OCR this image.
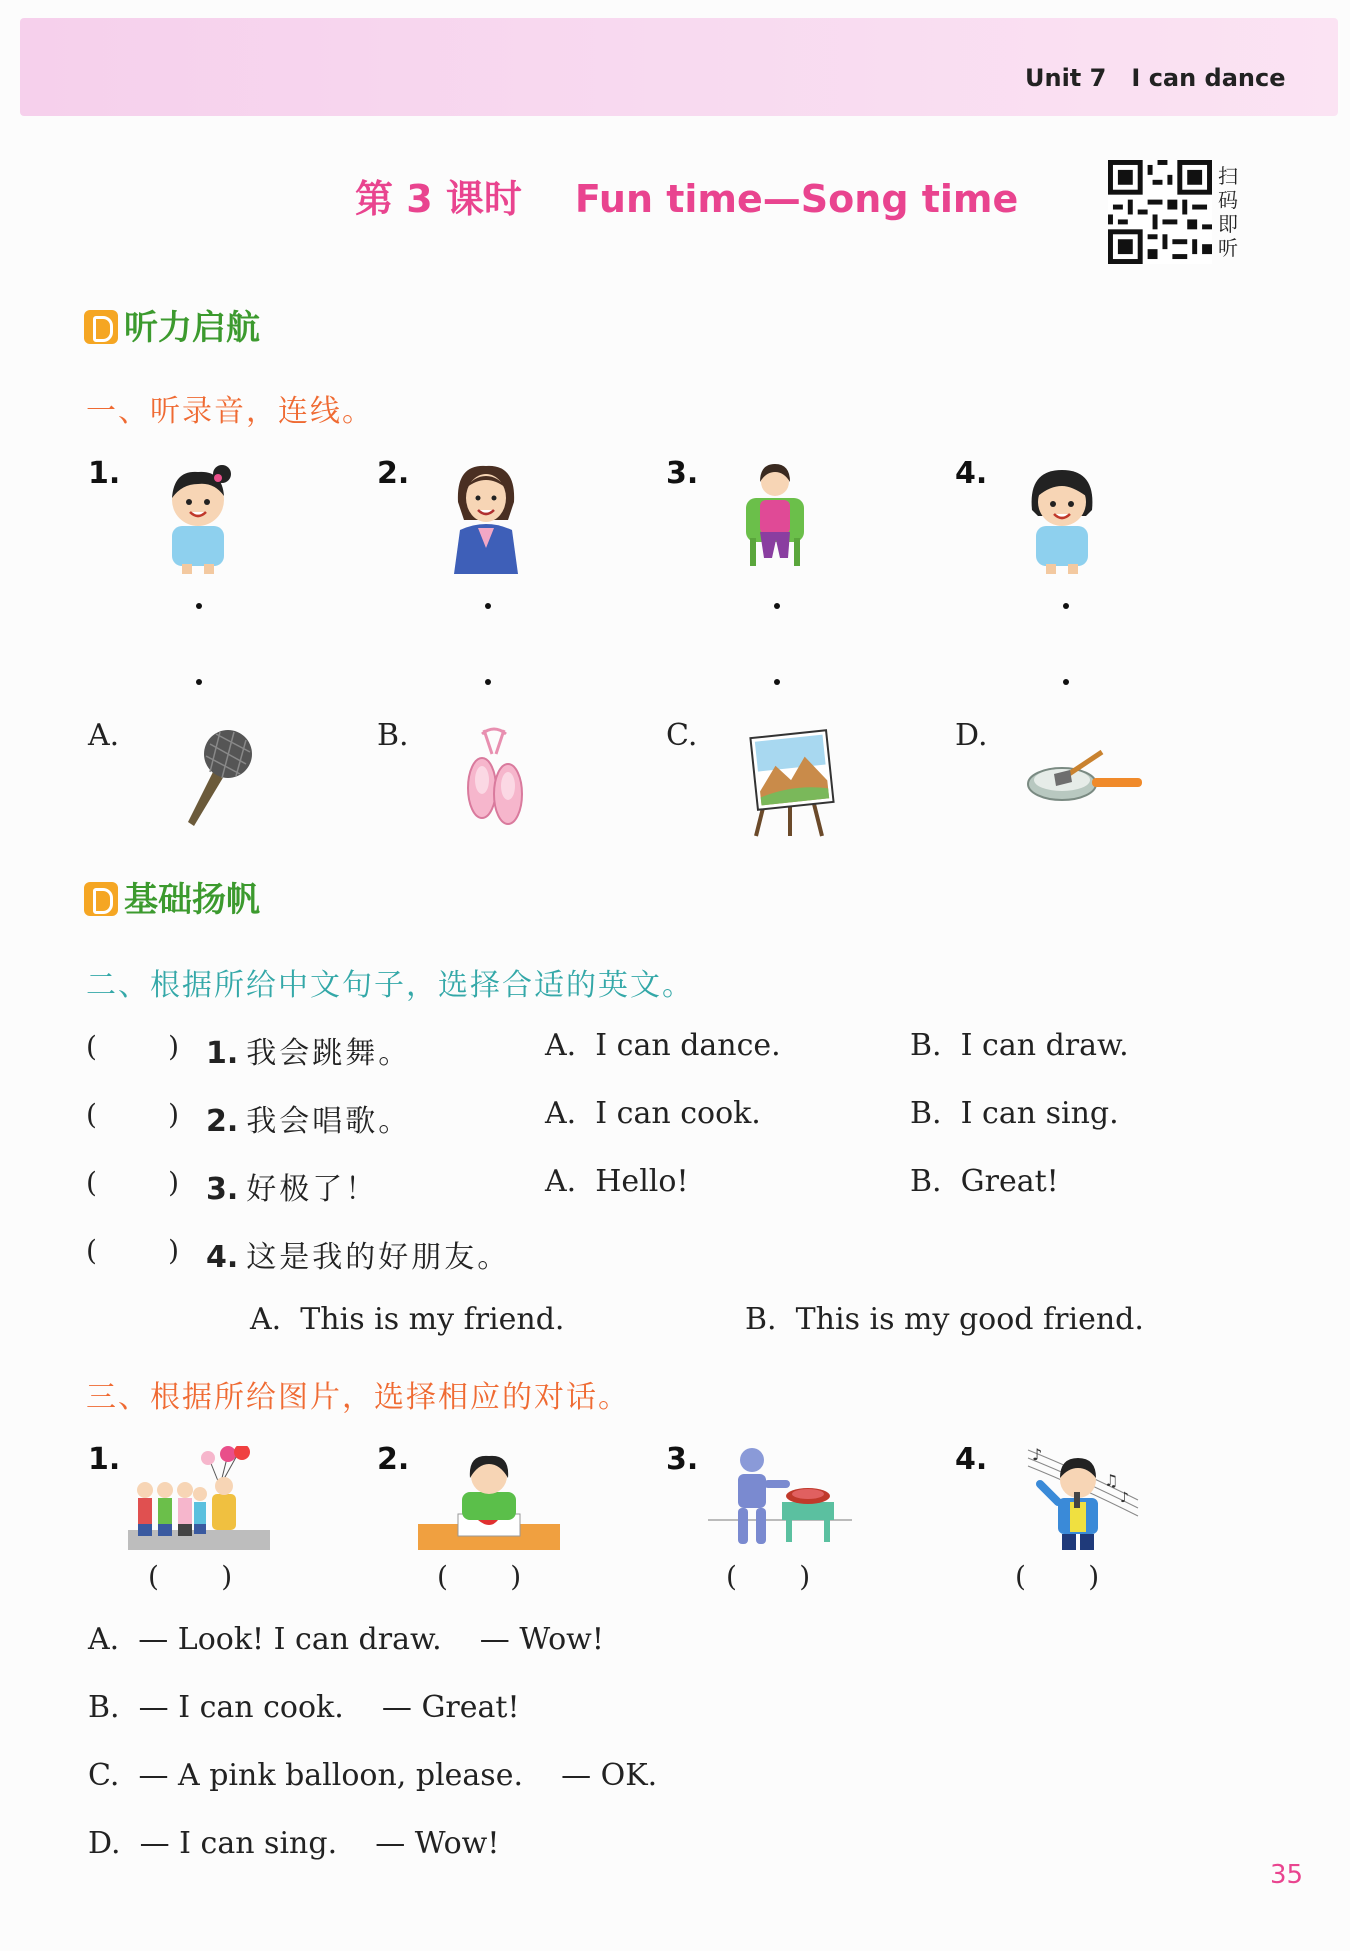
Unit 7 I can dance
第 3 课时 Fun time—Song time
扫码即听
听力启航
一、听录音，连线。
1.	2.	3.	4.
A.	B.	C.	D.
基础扬帆
二、根据所给中文句子，选择合适的英文。
(        ) 1. 我会跳舞。	A.  I can dance.	B.  I can draw.
(        ) 2. 我会唱歌。	A.  I can cook.	B.  I can sing.
(        ) 3. 好极了！	A.  Hello!	B.  Great!
(        ) 4. 这是我的好朋友。
A.  This is my friend.	B.  This is my good friend.
三、根据所给图片，选择相应的对话。
1.	2.	3.	4.	♪
♫
♪
(       )	(       )	(       )	(       )
A.  — Look! I can draw.    — Wow!
B.  — I can cook.    — Great!
C.  — A pink balloon, please.    — OK.
D.  — I can sing.    — Wow!
35
